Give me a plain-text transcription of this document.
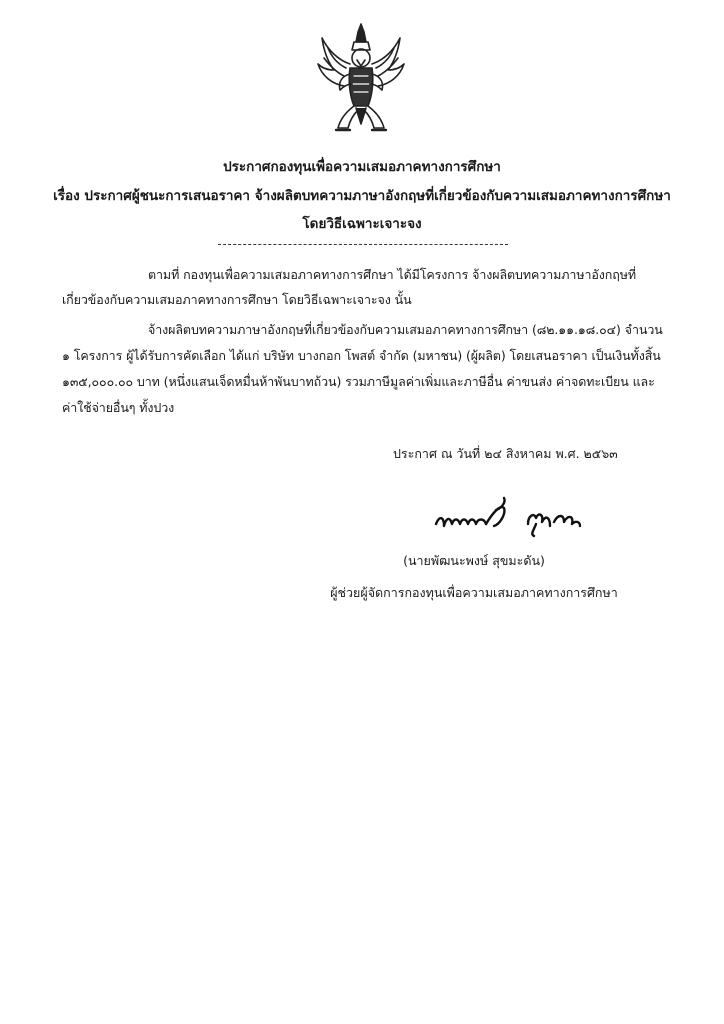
ประกาศกองทุนเพื่อความเสมอภาคทางการศึกษา
เรื่อง ประกาศผู้ชนะการเสนอราคา จ้างผลิตบทความภาษาอังกฤษที่เกี่ยวข้องกับความเสมอภาคทางการศึกษา
โดยวิธีเฉพาะเจาะจง
ตามที่ กองทุนเพื่อความเสมอภาคทางการศึกษา ได้มีโครงการ จ้างผลิตบทความภาษาอังกฤษที่
เกี่ยวข้องกับความเสมอภาคทางการศึกษา โดยวิธีเฉพาะเจาะจง นั้น
จ้างผลิตบทความภาษาอังกฤษที่เกี่ยวข้องกับความเสมอภาคทางการศึกษา (๘๒.๑๑.๑๘.๐๔) จำนวน
๑ โครงการ ผู้ได้รับการคัดเลือก ได้แก่ บริษัท บางกอก โพสต์ จำกัด (มหาชน) (ผู้ผลิต) โดยเสนอราคา เป็นเงินทั้งสิ้น
๑๓๕,๐๐๐.๐๐ บาท (หนึ่งแสนเจ็ดหมื่นห้าพันบาทถ้วน) รวมภาษีมูลค่าเพิ่มและภาษีอื่น ค่าขนส่ง ค่าจดทะเบียน และ
ค่าใช้จ่ายอื่นๆ ทั้งปวง
ประกาศ ณ วันที่ ๒๔ สิงหาคม พ.ศ. ๒๕๖๓
(นายพัฒนะพงษ์ สุขมะดัน)
ผู้ช่วยผู้จัดการกองทุนเพื่อความเสมอภาคทางการศึกษา
